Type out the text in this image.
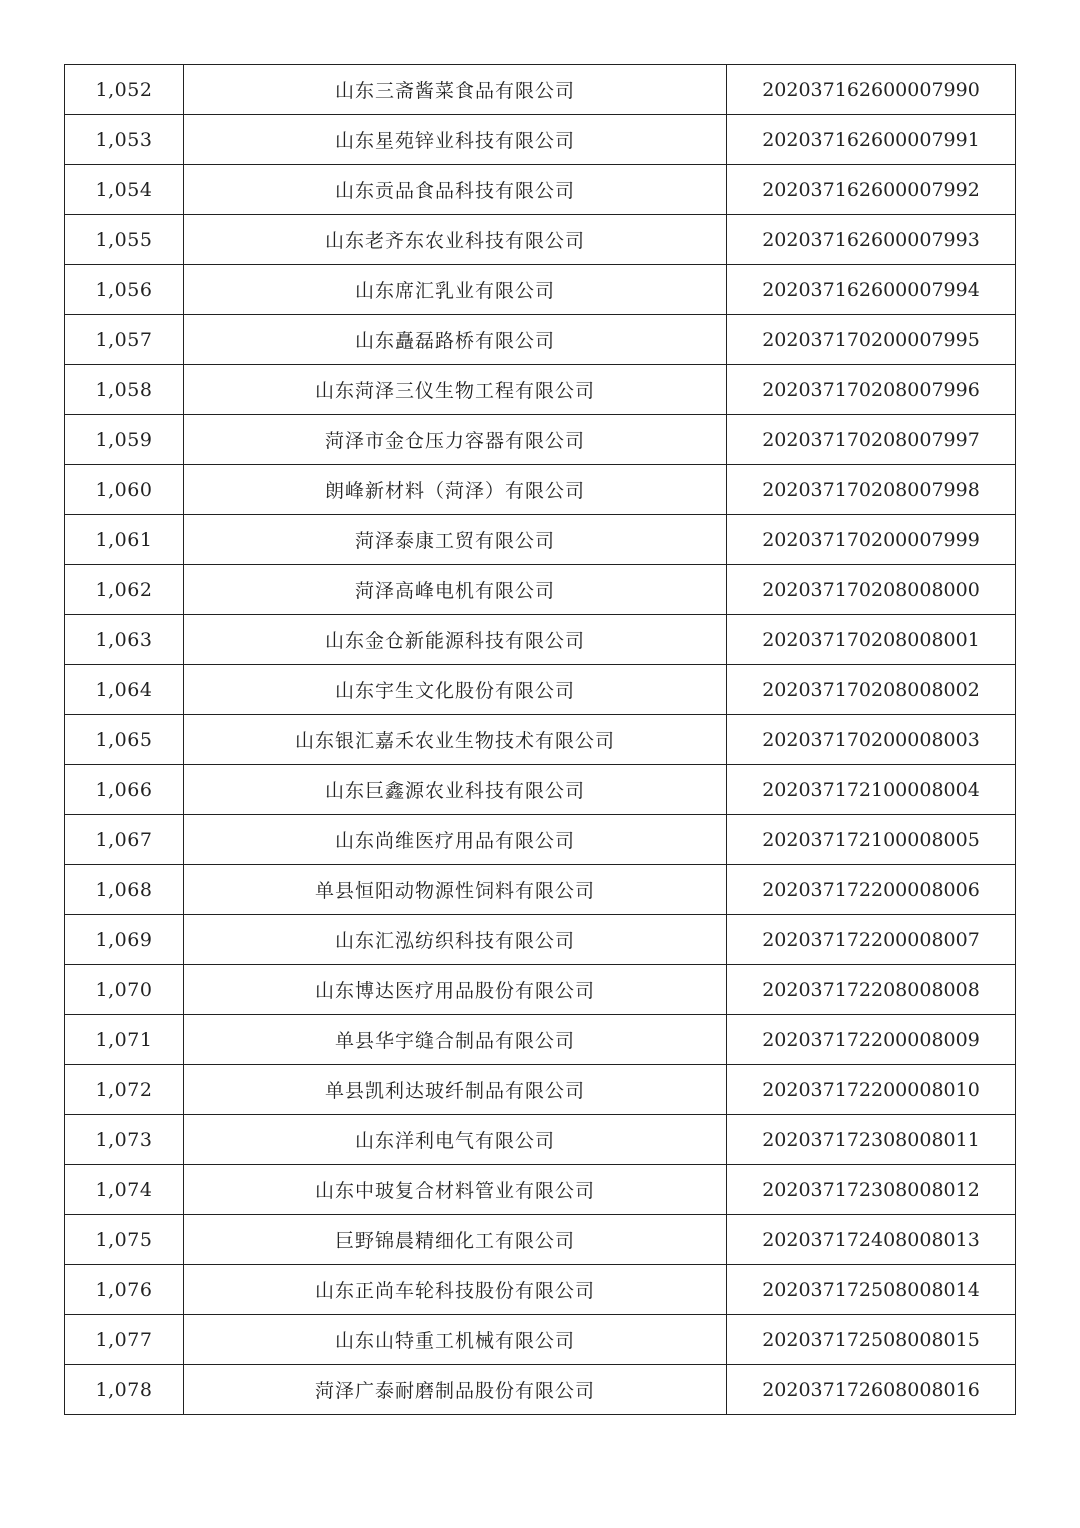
1,052	山东三斋酱菜食品有限公司	202037162600007990
1,053	山东星苑锌业科技有限公司	202037162600007991
1,054	山东贡品食品科技有限公司	202037162600007992
1,055	山东老齐东农业科技有限公司	202037162600007993
1,056	山东席汇乳业有限公司	202037162600007994
1,057	山东矗磊路桥有限公司	202037170200007995
1,058	山东菏泽三仪生物工程有限公司	202037170208007996
1,059	菏泽市金仓压力容器有限公司	202037170208007997
1,060	朗峰新材料（菏泽）有限公司	202037170208007998
1,061	菏泽泰康工贸有限公司	202037170200007999
1,062	菏泽高峰电机有限公司	202037170208008000
1,063	山东金仓新能源科技有限公司	202037170208008001
1,064	山东宇生文化股份有限公司	202037170208008002
1,065	山东银汇嘉禾农业生物技术有限公司	202037170200008003
1,066	山东巨鑫源农业科技有限公司	202037172100008004
1,067	山东尚维医疗用品有限公司	202037172100008005
1,068	单县恒阳动物源性饲料有限公司	202037172200008006
1,069	山东汇泓纺织科技有限公司	202037172200008007
1,070	山东博达医疗用品股份有限公司	202037172208008008
1,071	单县华宇缝合制品有限公司	202037172200008009
1,072	单县凯利达玻纤制品有限公司	202037172200008010
1,073	山东洋利电气有限公司	202037172308008011
1,074	山东中玻复合材料管业有限公司	202037172308008012
1,075	巨野锦晨精细化工有限公司	202037172408008013
1,076	山东正尚车轮科技股份有限公司	202037172508008014
1,077	山东山特重工机械有限公司	202037172508008015
1,078	菏泽广泰耐磨制品股份有限公司	202037172608008016
